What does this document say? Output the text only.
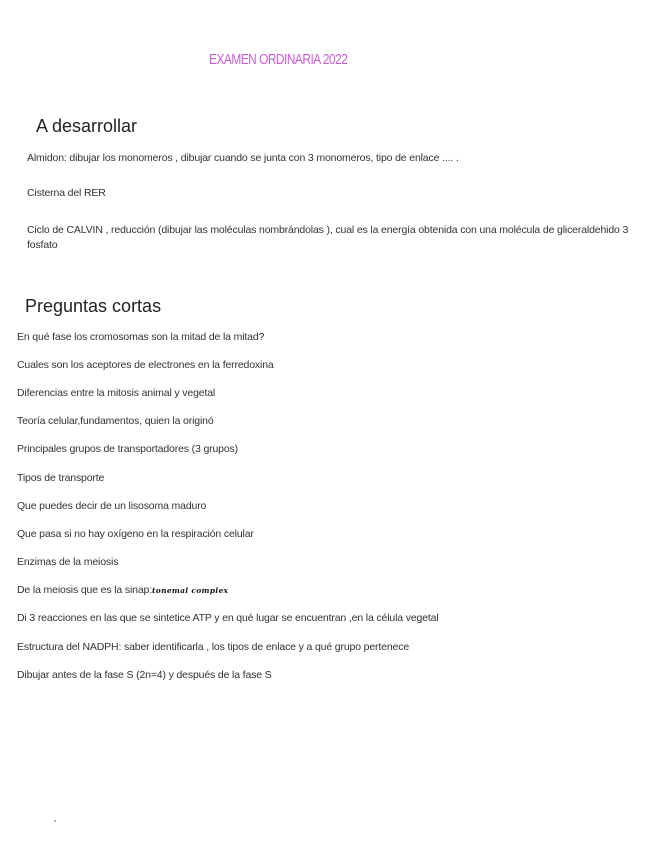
EXAMEN ORDINARIA 2022
A desarrollar
Almidon: dibujar los monomeros , dibujar cuando se junta con 3 monomeros, tipo de enlace .... .
Cisterna del RER
Ciclo de CALVIN , reducción (dibujar las moléculas nombrándolas ), cual es la energía obtenida con una molécula de gliceraldehido 3 fosfato
Preguntas cortas
En qué fase los cromosomas son la mitad de la mitad?
Cuales son los aceptores de electrones en la ferredoxina
Diferencias entre la mitosis animal y vegetal
Teoría celular,fundamentos, quien la originó
Principales grupos de transportadores (3 grupos)
Tipos de transporte
Que puedes decir de un lisosoma maduro
Que pasa si no hay oxígeno en la respiración celular
Enzimas de la meiosis
De la meiosis que es la sinap:tonemal complex
Di 3 reacciones en las que se sintetice ATP y en qué lugar se encuentran ,en la célula vegetal
Estructura del NADPH: saber identificarla , los tipos de enlace y a qué grupo pertenece
Dibujar antes de la fase S (2n=4) y después de la fase S
